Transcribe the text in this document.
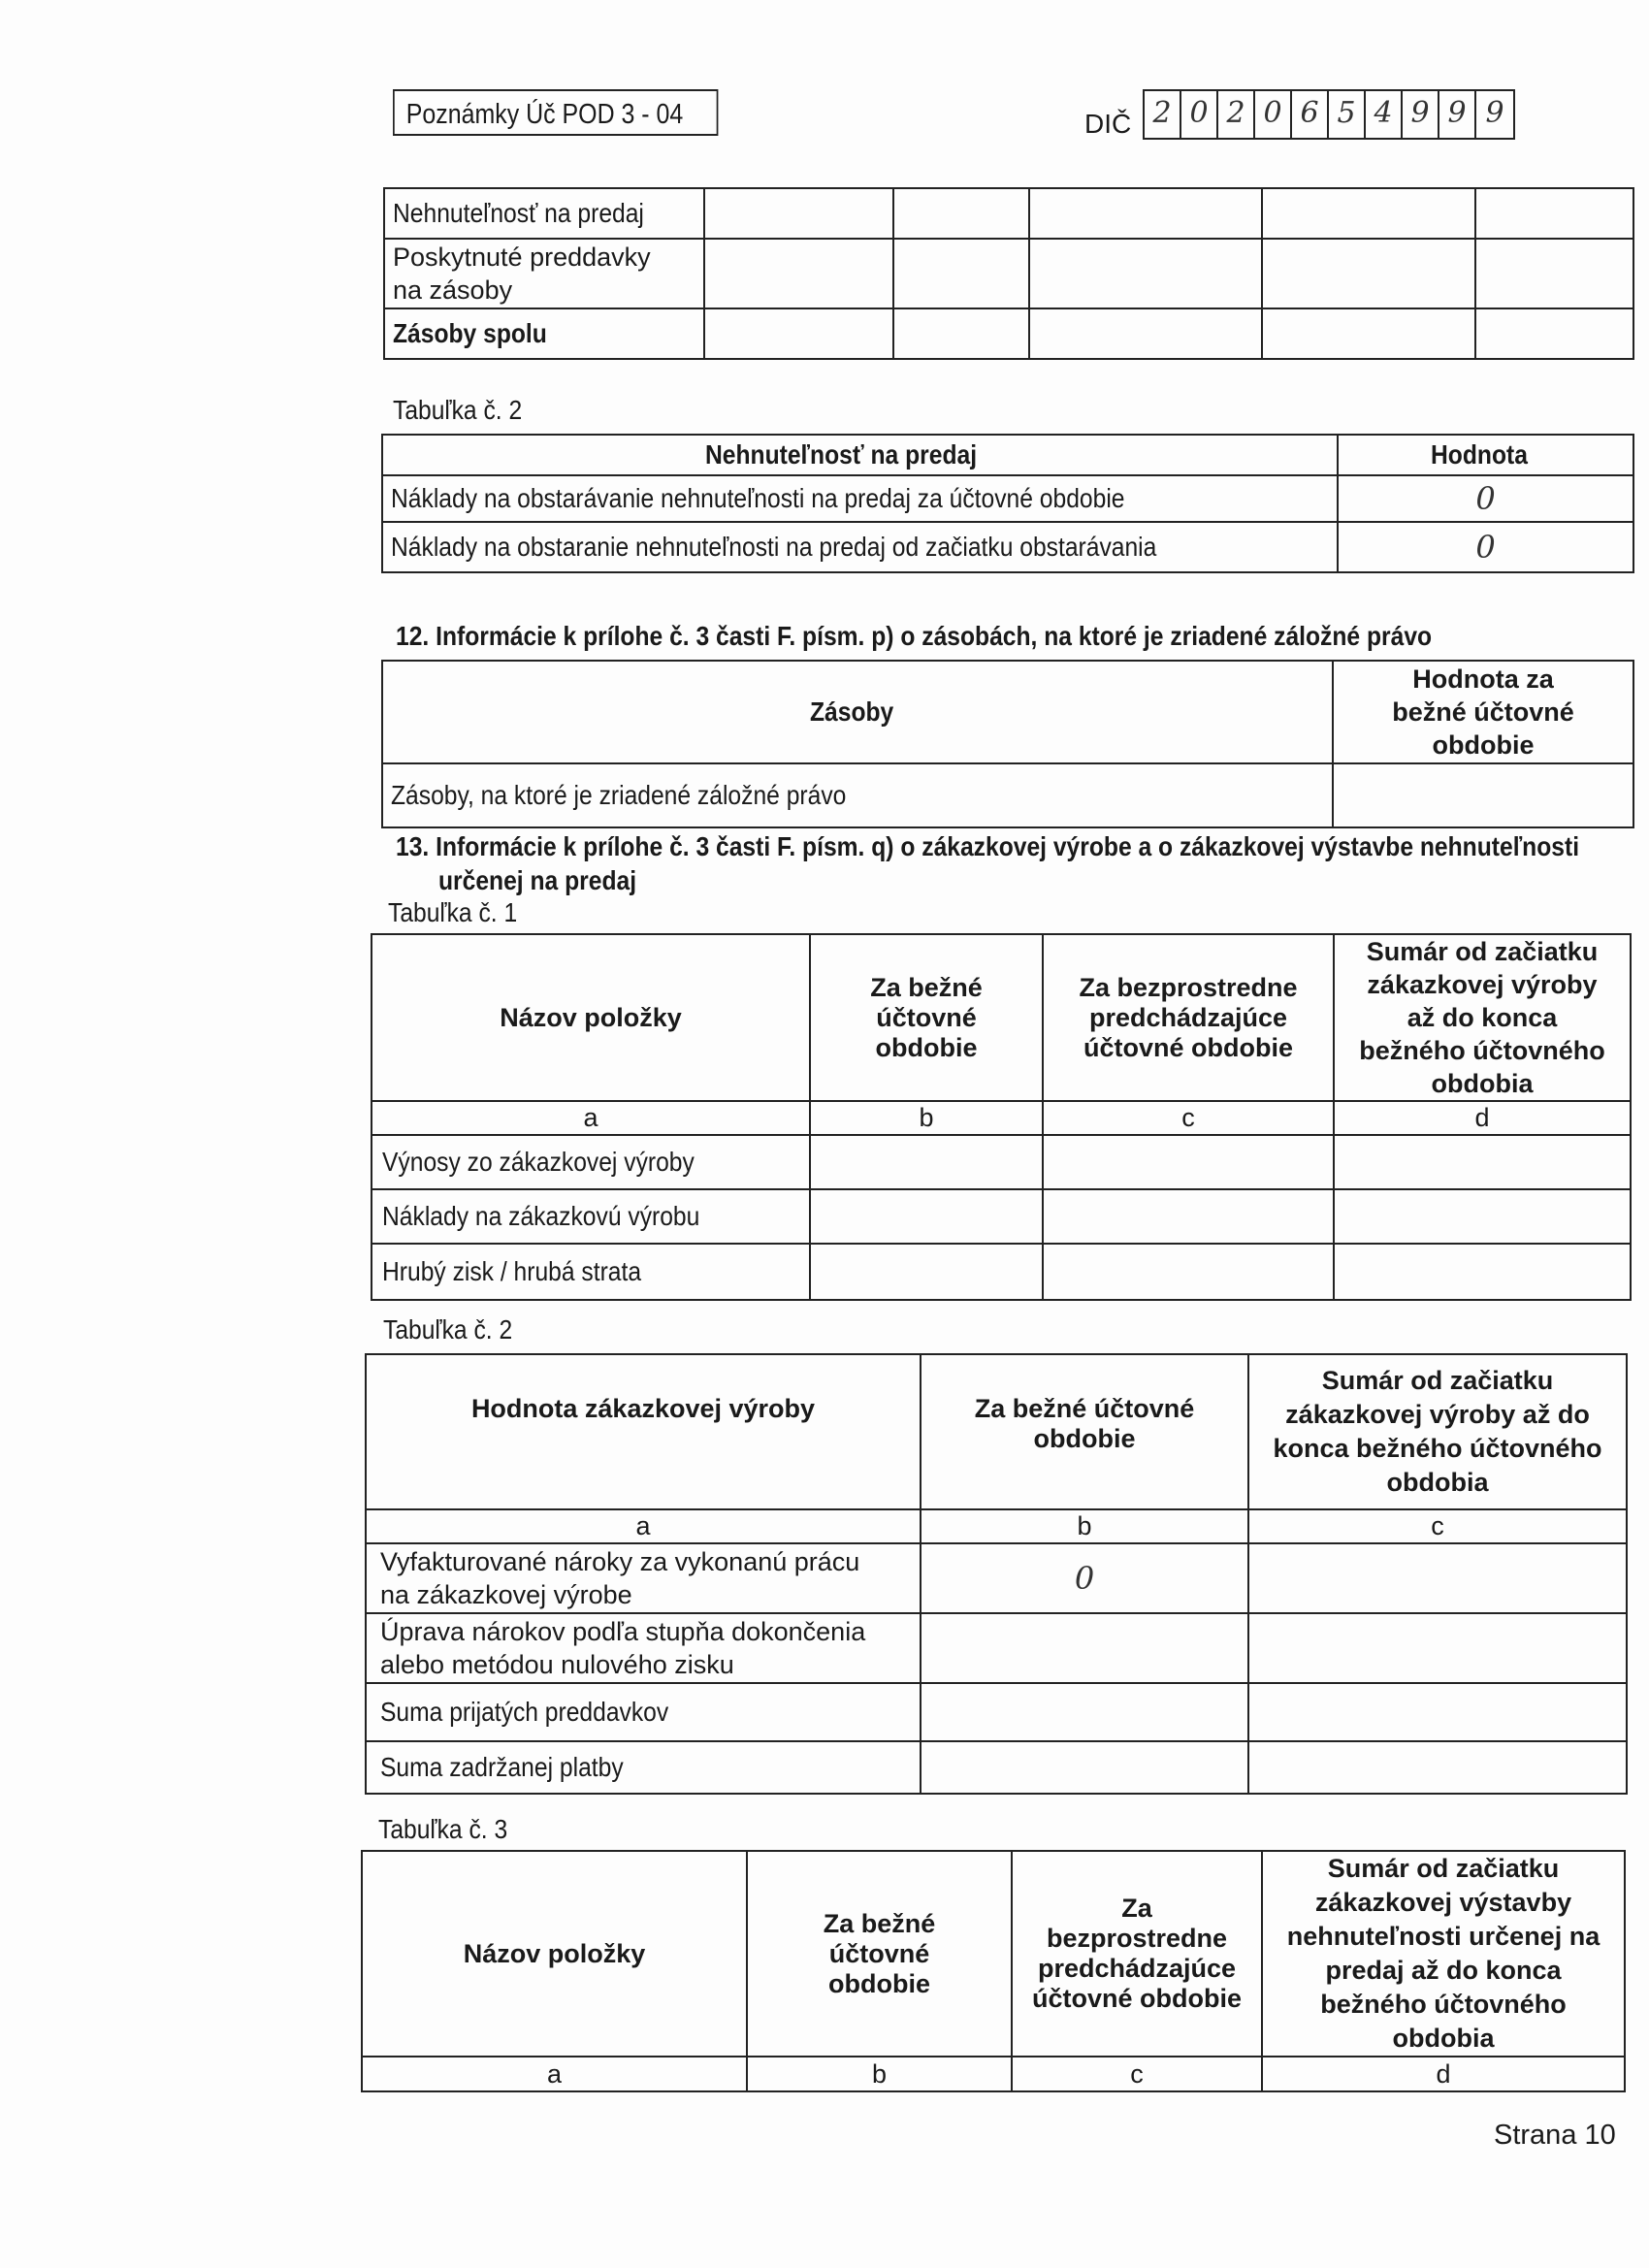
Poznámky Úč POD 3 - 04	DIČ 2 0 2 0 6 5 4 9 9 9
Nehnuteľnosť na predaj					

Poskytnuté preddavky na zásoby					

Zásoby spolu					
Tabuľka č. 2
Nehnuteľnosť na predaj	Hodnota
Náklady na obstarávanie nehnuteľnosti na predaj za účtovné obdobie	0
Náklady na obstaranie nehnuteľnosti na predaj od začiatku obstarávania	0
12. Informácie k prílohe č. 3 časti F. písm. p) o zásobách, na ktoré je zriadené záložné právo
Zásoby	Hodnota za bežné účtovné obdobie

Zásoby, na ktoré je zriadené záložné právo	
13. Informácie k prílohe č. 3 časti F. písm. q) o zákazkovej výrobe a o zákazkovej výstavbe nehnuteľnosti
určenej na predaj
Tabuľka č. 1
Názov položky	Za bežné účtovné obdobie	Za bezprostredne predchádzajúce účtovné obdobie	Sumár od začiatku zákazkovej výroby až do konca bežného účtovného obdobia
a	b	c	d
Výnosy zo zákazkovej výroby			
Náklady na zákazkovú výrobu			
Hrubý zisk / hrubá strata			
Tabuľka č. 2
Hodnota zákazkovej výroby	Za bežné účtovné obdobie	Sumár od začiatku zákazkovej výroby až do konca bežného účtovného obdobia
a	b	c

Vyfakturované nároky za vykonanú prácu na zákazkovej výrobe	0	

Úprava nárokov podľa stupňa dokončenia alebo metódou nulového zisku		

Suma prijatých preddavkov		
Suma zadržanej platby		
Tabuľka č. 3
Názov položky	Za bežné účtovné obdobie	Za bezprostredne predchádzajúce účtovné obdobie	Sumár od začiatku zákazkovej výstavby nehnuteľnosti určenej na predaj až do konca bežného účtovného obdobia
a	b	c	d
Strana 10
